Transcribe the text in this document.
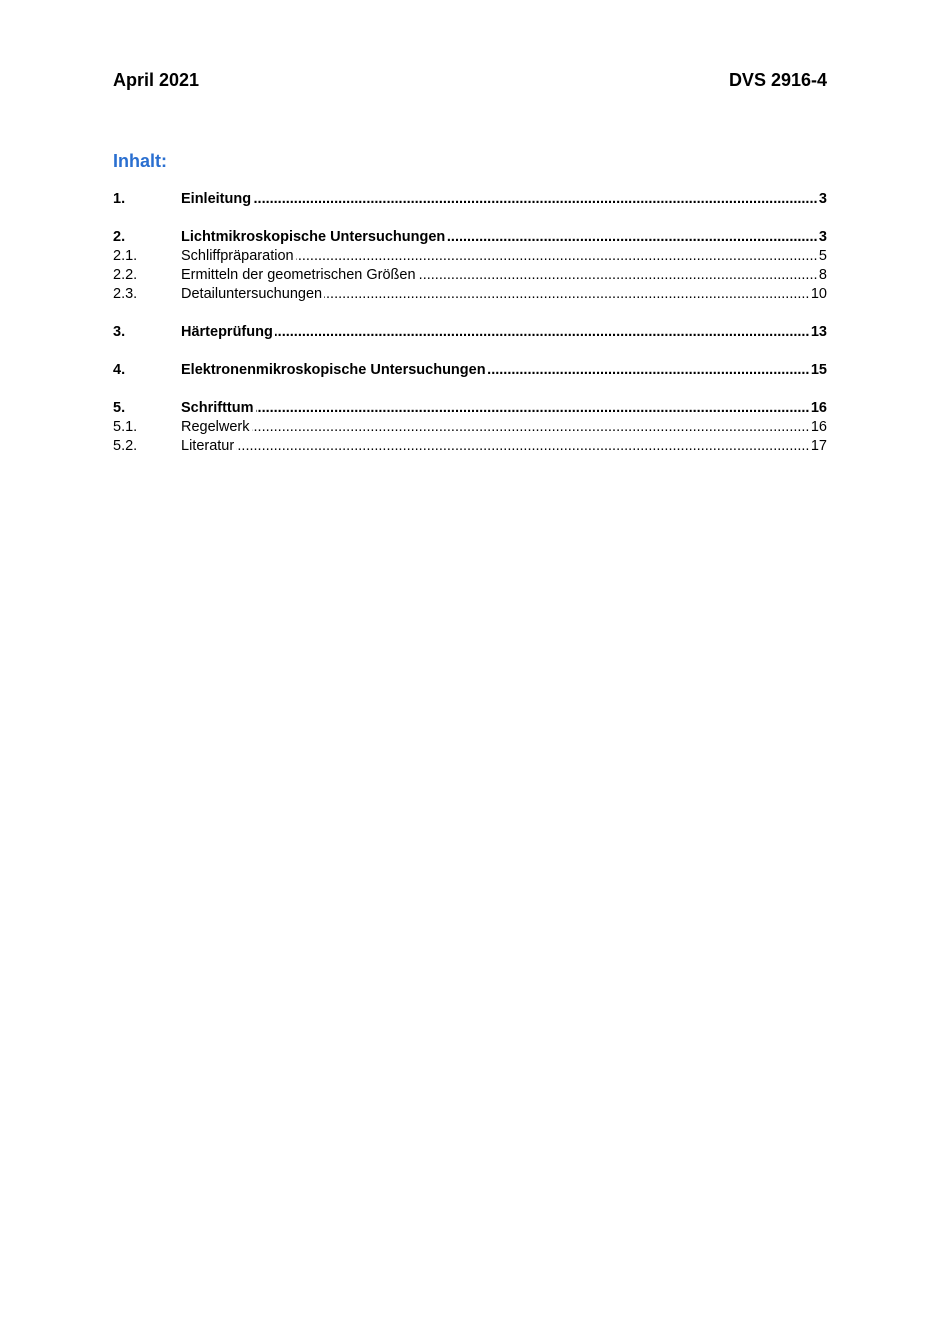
April 2021	DVS 2916-4
Inhalt:
1.	Einleitung .....	3
2.	Lichtmikroskopische Untersuchungen .....	3
2.1.	Schliffpräparation .....	5
2.2.	Ermitteln der geometrischen Größen .....	8
2.3.	Detailuntersuchungen .....	10
3.	Härteprüfung .....	13
4.	Elektronenmikroskopische Untersuchungen .....	15
5.	Schrifttum .....	16
5.1.	Regelwerk .....	16
5.2.	Literatur .....	17
